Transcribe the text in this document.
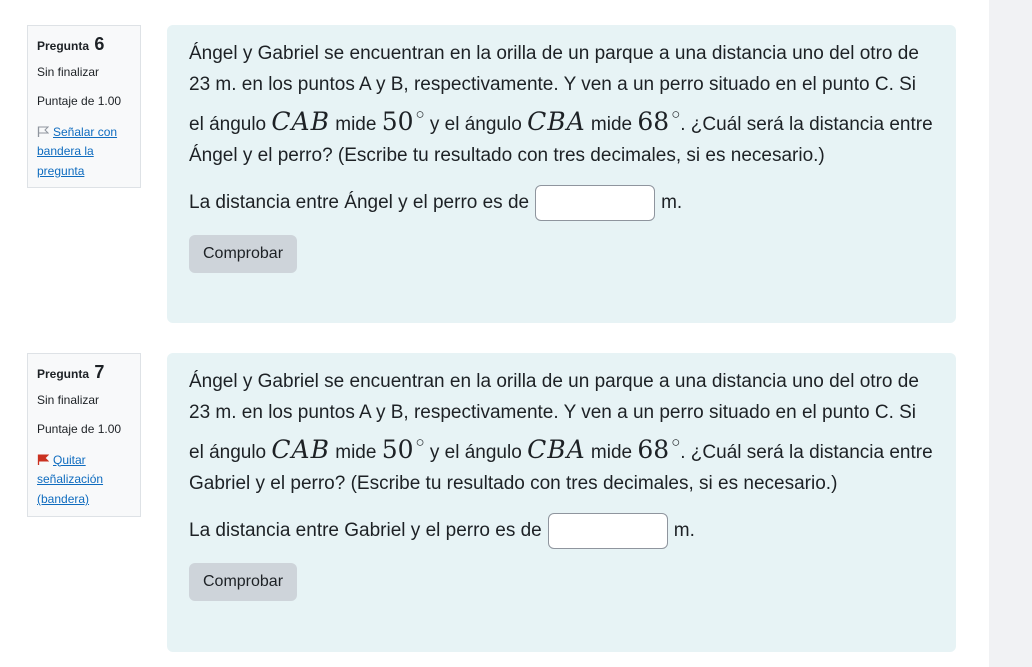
Pregunta 6
Sin finalizar
Puntaje de 1.00
Señalar con bandera la pregunta
Ángel y Gabriel se encuentran en la orilla de un parque a una distancia uno del otro de 23 m. en los puntos A y B, respectivamente. Y ven a un perro situado en el punto C. Si el ángulo CAB mide 50 ○ y el ángulo CBA mide 68 ○. ¿Cuál será la distancia entre Ángel y el perro? (Escribe tu resultado con tres decimales, si es necesario.)
La distancia entre Ángel y el perro es de	m.
Comprobar
Pregunta 7
Sin finalizar
Puntaje de 1.00
Quitar señalización (bandera)
Ángel y Gabriel se encuentran en la orilla de un parque a una distancia uno del otro de 23 m. en los puntos A y B, respectivamente. Y ven a un perro situado en el punto C. Si el ángulo CAB mide 50 ○ y el ángulo CBA mide 68 ○. ¿Cuál será la distancia entre Gabriel y el perro? (Escribe tu resultado con tres decimales, si es necesario.)
La distancia entre Gabriel y el perro es de	m.
Comprobar
